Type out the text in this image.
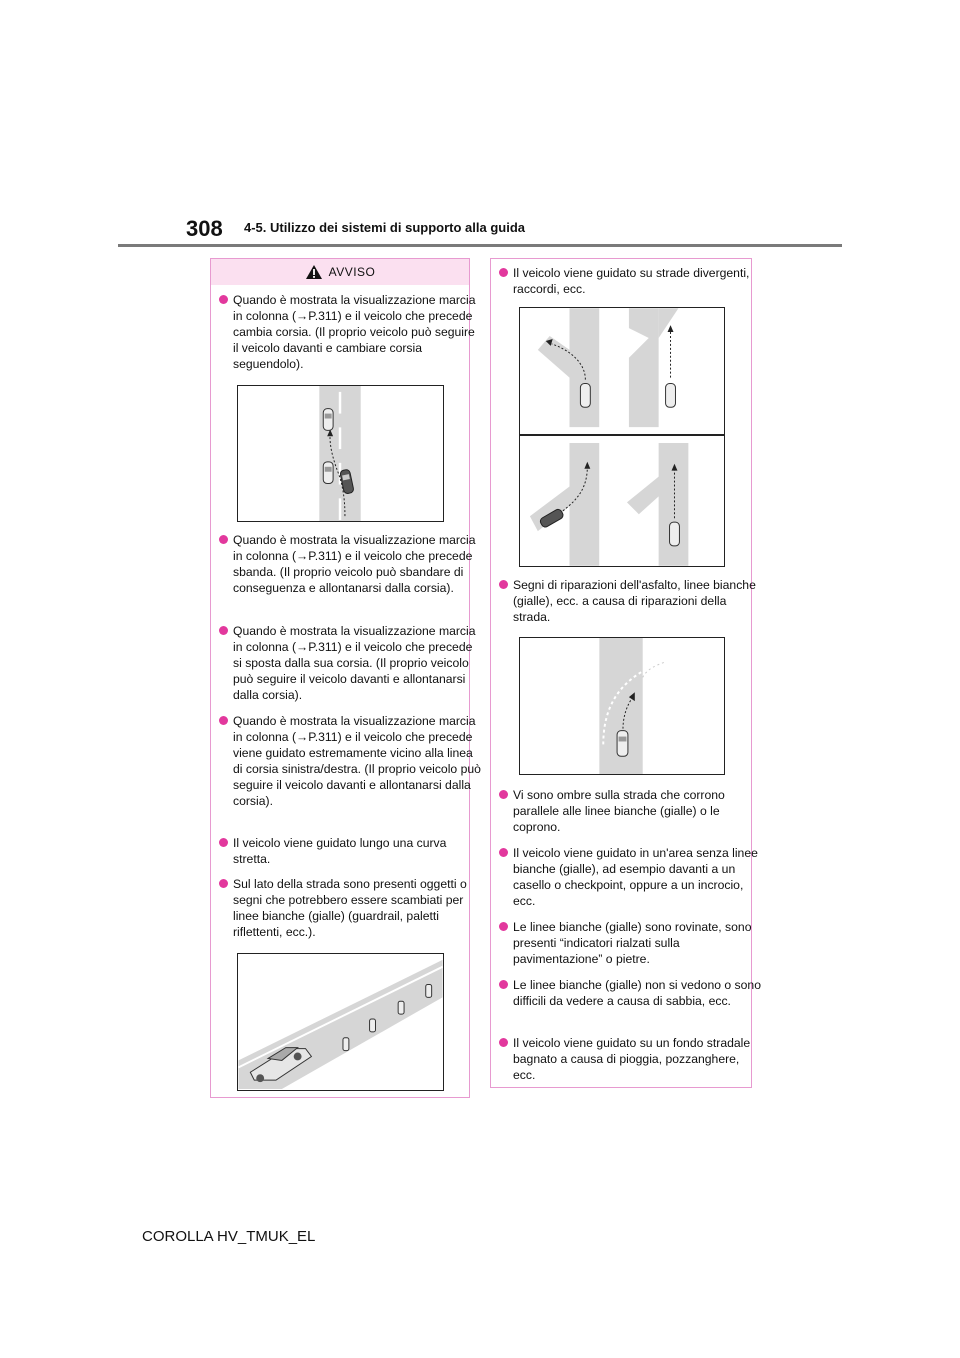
308 4-5. Utilizzo dei sistemi di supporto alla guida
AVVISO

Quando è mostrata la visualizzazione marcia in colonna (→P.311) e il veicolo che precede cambia corsia. (Il proprio veicolo può seguire il veicolo davanti e cambiare corsia seguendolo).

Quando è mostrata la visualizzazione marcia in colonna (→P.311) e il veicolo che precede sbanda. (Il proprio veicolo può sbandare di conseguenza e allontanarsi dalla corsia).

Quando è mostrata la visualizzazione marcia in colonna (→P.311) e il veicolo che precede si sposta dalla sua corsia. (Il proprio veicolo può seguire il veicolo davanti e allontanarsi dalla corsia).

Quando è mostrata la visualizzazione marcia in colonna (→P.311) e il veicolo che precede viene guidato estremamente vicino alla linea di corsia sinistra/destra. (Il proprio veicolo può seguire il veicolo davanti e allontanarsi dalla corsia).

Il veicolo viene guidato lungo una curva stretta.

Sul lato della strada sono presenti oggetti o segni che potrebbero essere scambiati per linee bianche (gialle) (guardrail, paletti riflettenti, ecc.).

Il veicolo viene guidato su strade divergenti, raccordi, ecc.

Segni di riparazioni dell'asfalto, linee bianche (gialle), ecc. a causa di riparazioni della strada.

Vi sono ombre sulla strada che corrono parallele alle linee bianche (gialle) o le coprono.

Il veicolo viene guidato in un'area senza linee bianche (gialle), ad esempio davanti a un casello o checkpoint, oppure a un incrocio, ecc.

Le linee bianche (gialle) sono rovinate, sono presenti “indicatori rialzati sulla pavimentazione” o pietre.

Le linee bianche (gialle) non si vedono o sono difficili da vedere a causa di sabbia, ecc.

Il veicolo viene guidato su un fondo stradale bagnato a causa di pioggia, pozzanghere, ecc.

COROLLA HV_TMUK_EL
